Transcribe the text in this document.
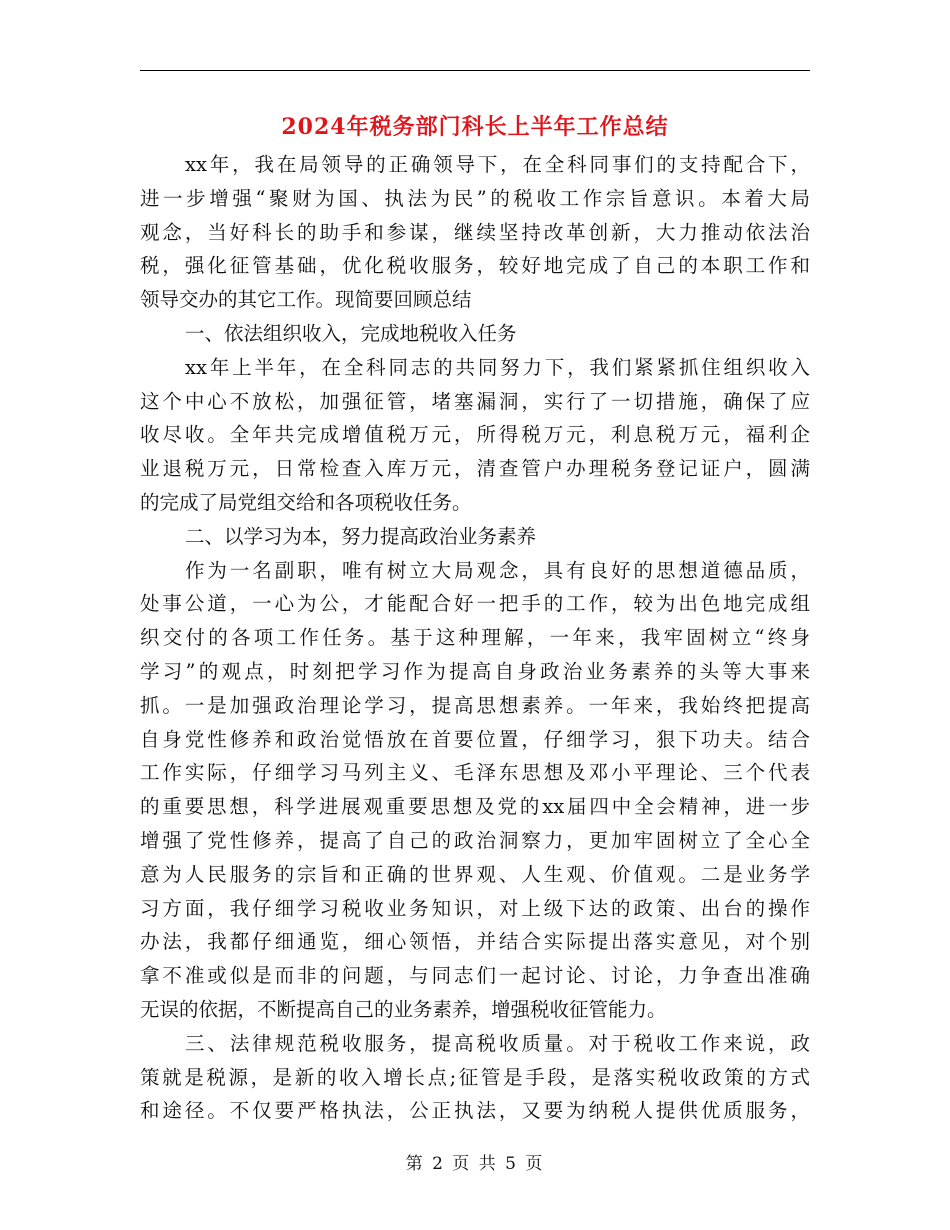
2024年税务部门科长上半年工作总结
xx年，我在局领导的正确领导下，在全科同事们的支持配合下，
进一步增强“聚财为国、执法为民”的税收工作宗旨意识。本着大局
观念，当好科长的助手和参谋，继续坚持改革创新，大力推动依法治
税，强化征管基础，优化税收服务，较好地完成了自己的本职工作和
领导交办的其它工作。现简要回顾总结
一、依法组织收入，完成地税收入任务
xx年上半年，在全科同志的共同努力下，我们紧紧抓住组织收入
这个中心不放松，加强征管，堵塞漏洞，实行了一切措施，确保了应
收尽收。全年共完成增值税万元，所得税万元，利息税万元，福利企
业退税万元，日常检查入库万元，清查管户办理税务登记证户，圆满
的完成了局党组交给和各项税收任务。
二、以学习为本，努力提高政治业务素养
作为一名副职，唯有树立大局观念，具有良好的思想道德品质，
处事公道，一心为公，才能配合好一把手的工作，较为出色地完成组
织交付的各项工作任务。基于这种理解，一年来，我牢固树立“终身
学习”的观点，时刻把学习作为提高自身政治业务素养的头等大事来
抓。一是加强政治理论学习，提高思想素养。一年来，我始终把提高
自身党性修养和政治觉悟放在首要位置，仔细学习，狠下功夫。结合
工作实际，仔细学习马列主义、毛泽东思想及邓小平理论、三个代表
的重要思想，科学进展观重要思想及党的xx届四中全会精神，进一步
增强了党性修养，提高了自己的政治洞察力，更加牢固树立了全心全
意为人民服务的宗旨和正确的世界观、人生观、价值观。二是业务学
习方面，我仔细学习税收业务知识，对上级下达的政策、出台的操作
办法，我都仔细通览，细心领悟，并结合实际提出落实意见，对个别
拿不准或似是而非的问题，与同志们一起讨论、讨论，力争查出准确
无误的依据，不断提高自己的业务素养，增强税收征管能力。
三、法律规范税收服务，提高税收质量。对于税收工作来说，政
策就是税源，是新的收入增长点;征管是手段，是落实税收政策的方式
和途径。不仅要严格执法，公正执法，又要为纳税人提供优质服务，
第 2 页 共 5 页
